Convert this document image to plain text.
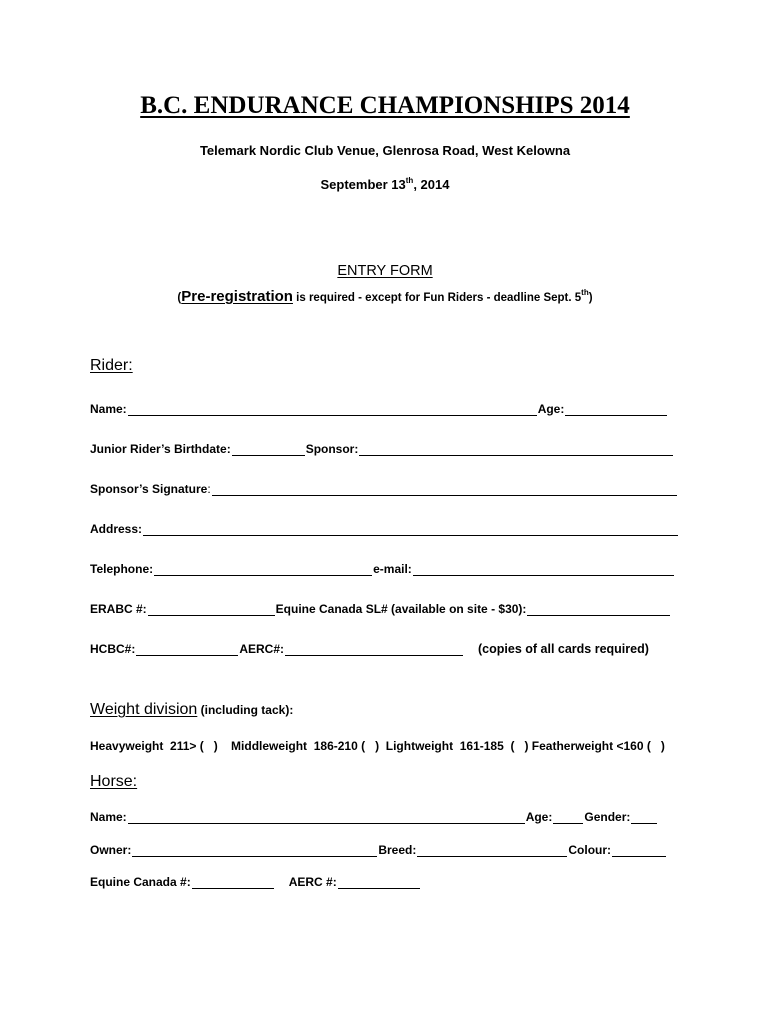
B.C. ENDURANCE CHAMPIONSHIPS 2014
Telemark Nordic Club Venue, Glenrosa Road, West Kelowna
September 13th, 2014
ENTRY FORM
(Pre-registration is required - except for Fun Riders - deadline Sept. 5th)
Rider:
Name:	Age:
Junior Rider’s Birthdate:	Sponsor:
Sponsor’s Signature :
Address:
Telephone:	e-mail:
ERABC #:	Equine Canada SL# (available on site - $30):
HCBC#:	AERC#:	(copies of all cards required)
Weight division (including tack):
Heavyweight  211> (   )    Middleweight  186-210 (   )  Lightweight  161-185  (   ) Featherweight <160 (   )
Horse:
Name:	Age:	Gender:
Owner:	Breed:	Colour:
Equine Canada #:	AERC #:
